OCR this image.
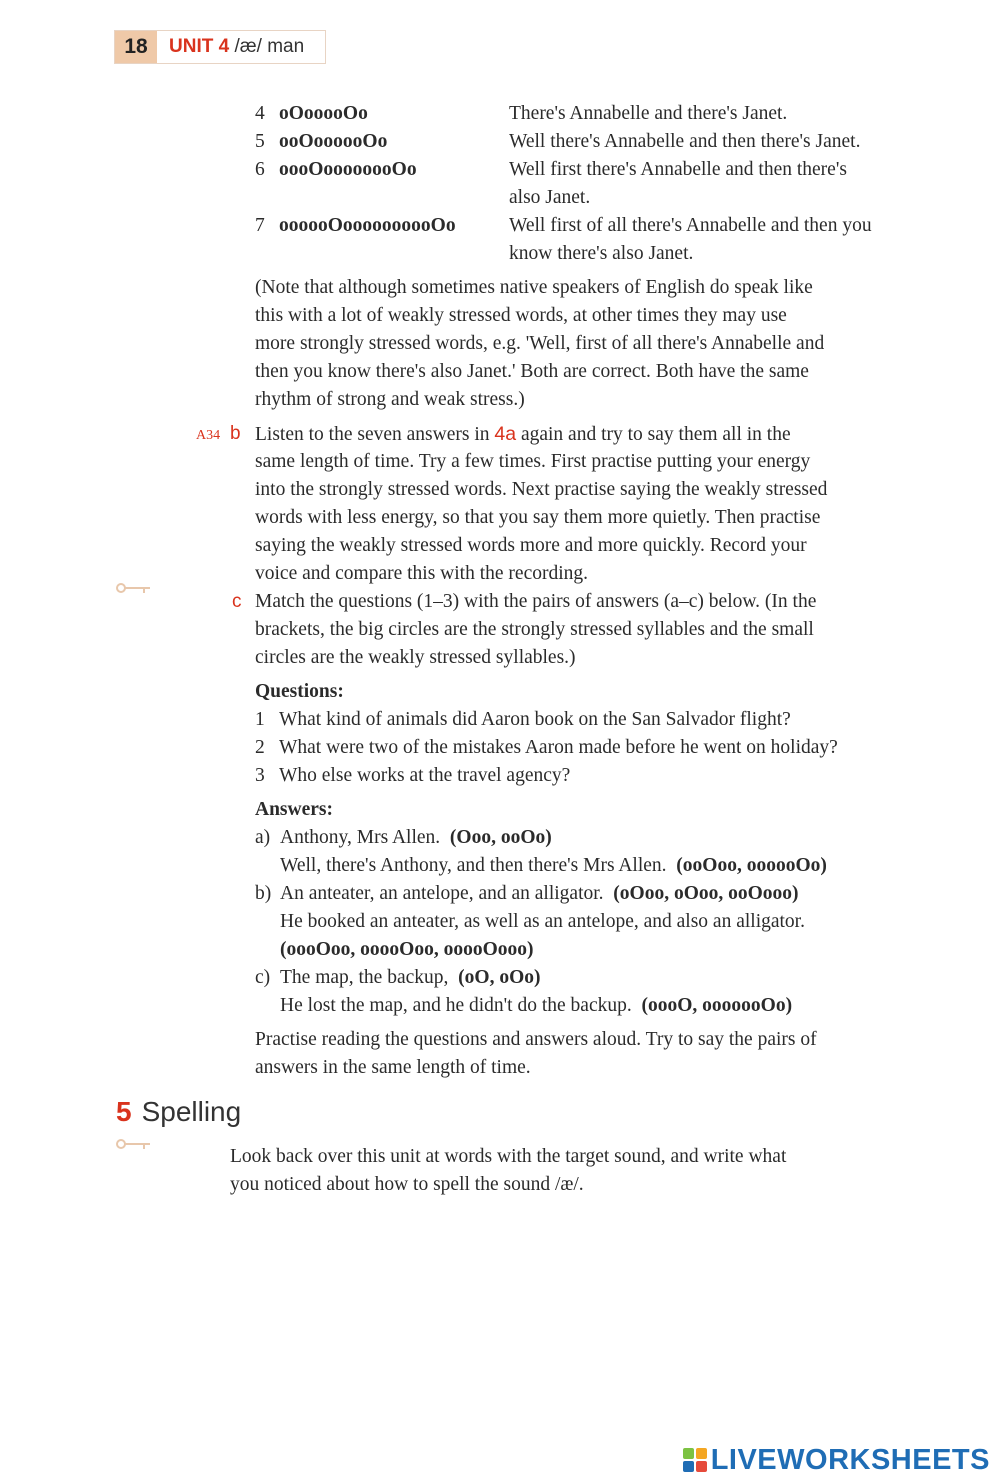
18	UNIT 4 /æ/ man
4 oOooooOo	There's Annabelle and there's Janet.
5 ooOoooooOo	Well there's Annabelle and then there's Janet.
6 oooOoooooooOo	Well first there's Annabelle and then there's
also Janet.
7 oooooOoooooooooOo	Well first of all there's Annabelle and then you
know there's also Janet.
(Note that although sometimes native speakers of English do speak like
this with a lot of weakly stressed words, at other times they may use
more strongly stressed words, e.g. 'Well, first of all there's Annabelle and
then you know there's also Janet.' Both are correct. Both have the same
rhythm of strong and weak stress.)
A34 b Listen to the seven answers in 4a again and try to say them all in the
same length of time. Try a few times. First practise putting your energy
into the strongly stressed words. Next practise saying the weakly stressed
words with less energy, so that you say them more quietly. Then practise
saying the weakly stressed words more and more quickly. Record your
voice and compare this with the recording.
c Match the questions (1–3) with the pairs of answers (a–c) below. (In the
brackets, the big circles are the strongly stressed syllables and the small
circles are the weakly stressed syllables.)
Questions:
1 What kind of animals did Aaron book on the San Salvador flight?
2 What were two of the mistakes Aaron made before he went on holiday?
3 Who else works at the travel agency?
Answers:
a) Anthony, Mrs Allen. (Ooo, ooOo)
Well, there's Anthony, and then there's Mrs Allen. (ooOoo, oooooOo)
b) An anteater, an antelope, and an alligator. (oOoo, oOoo, ooOooo)
He booked an anteater, as well as an antelope, and also an alligator.
(oooOoo, ooooOoo, ooooOooo)
c) The map, the backup, (oO, oOo)
He lost the map, and he didn't do the backup. (oooO, ooooooOo)
Practise reading the questions and answers aloud. Try to say the pairs of
answers in the same length of time.
5 Spelling
Look back over this unit at words with the target sound, and write what
you noticed about how to spell the sound /æ/.
LIVEWORKSHEETS
